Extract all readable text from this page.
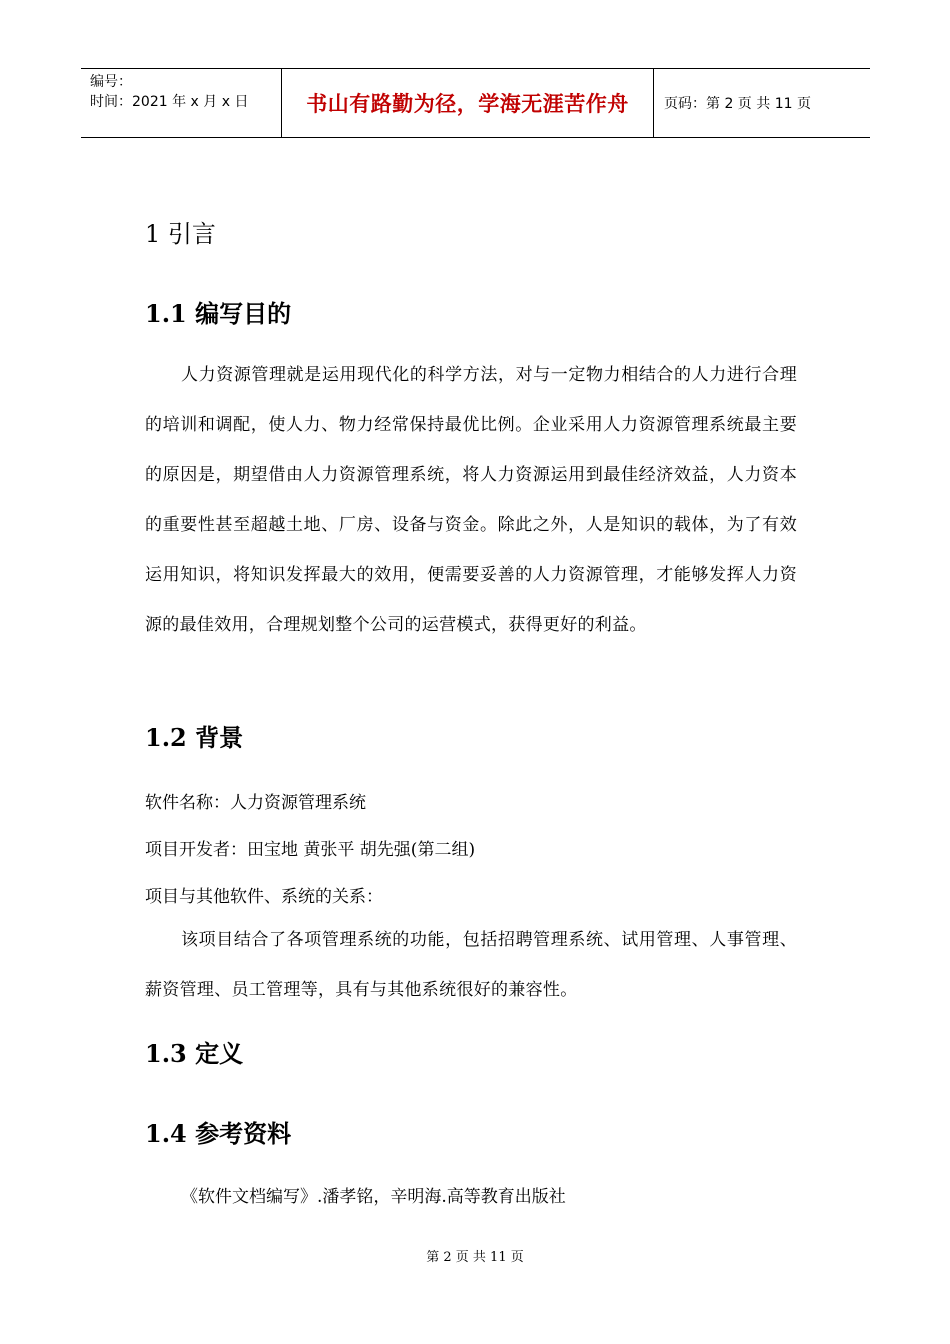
编号：
时间：2021 年 x 月 x 日	书山有路勤为径，学海无涯苦作舟	页码：第 2 页 共 11 页
1 引言
1.1 编写目的
人力资源管理就是运用现代化的科学方法，对与一定物力相结合的人力进行合理的培训和调配，使人力、物力经常保持最优比例。企业采用人力资源管理系统最主要的原因是，期望借由人力资源管理系统，将人力资源运用到最佳经济效益，人力资本的重要性甚至超越土地、厂房、设备与资金。除此之外，人是知识的载体，为了有效运用知识，将知识发挥最大的效用，便需要妥善的人力资源管理，才能够发挥人力资源的最佳效用，合理规划整个公司的运营模式，获得更好的利益。
1.2 背景
软件名称：人力资源管理系统
项目开发者：田宝地 黄张平 胡先强(第二组)
项目与其他软件、系统的关系：
该项目结合了各项管理系统的功能，包括招聘管理系统、试用管理、人事管理、薪资管理、员工管理等，具有与其他系统很好的兼容性。
1.3 定义
1.4 参考资料
《软件文档编写》.潘孝铭，辛明海.高等教育出版社
第 2 页 共 11 页
